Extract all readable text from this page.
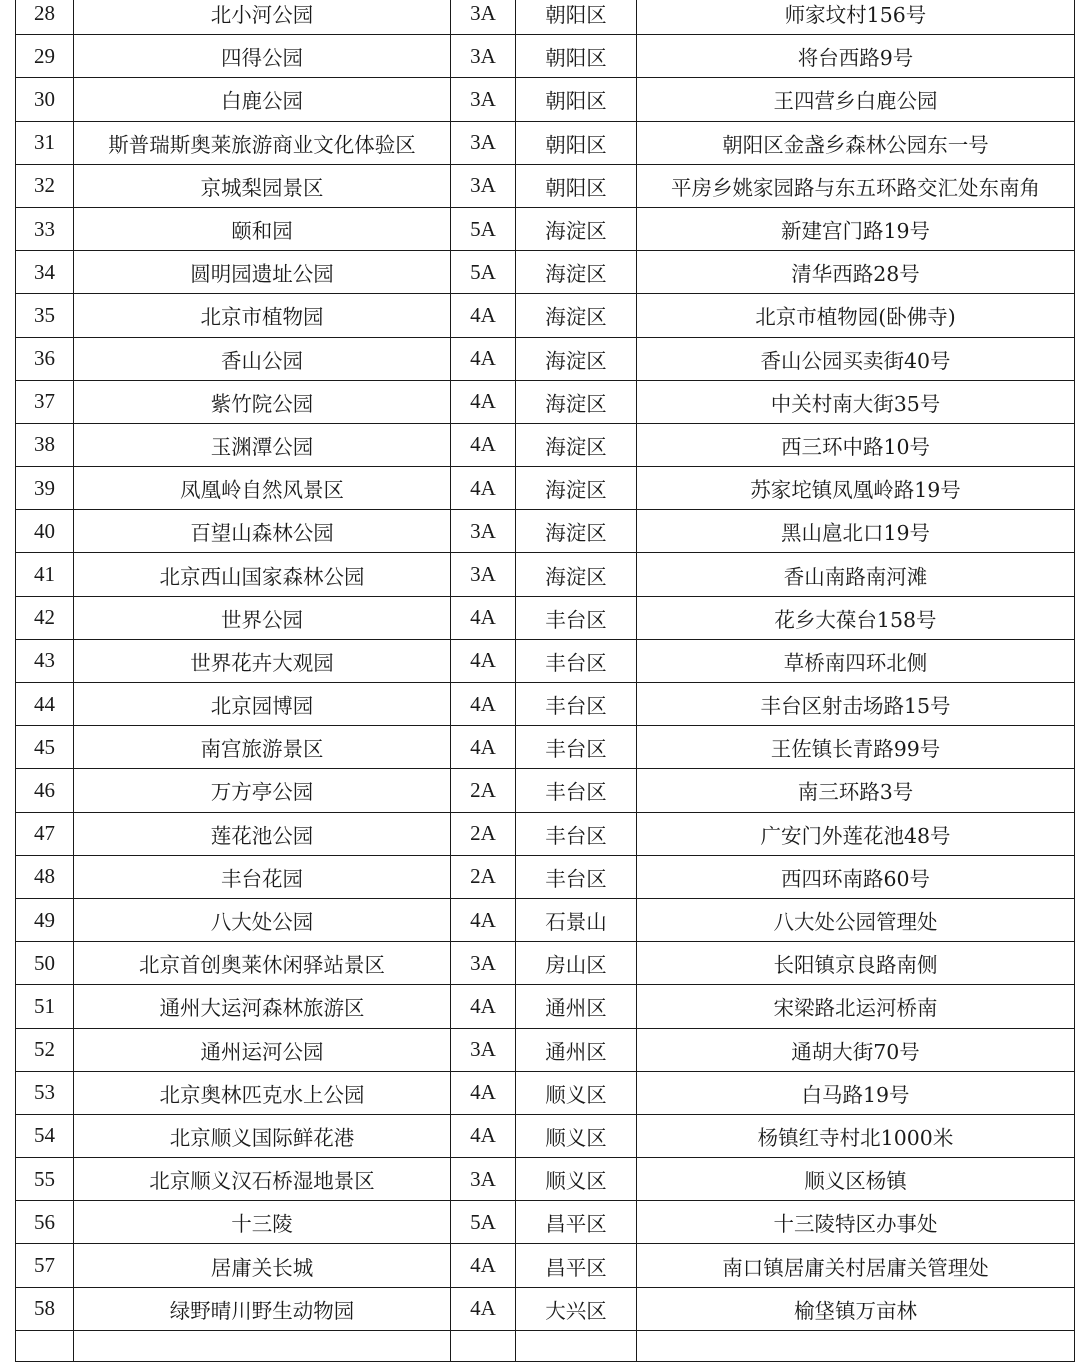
28	北小河公园	3A	朝阳区	师家坟村156号
29	四得公园	3A	朝阳区	将台西路9号
30	白鹿公园	3A	朝阳区	王四营乡白鹿公园
31	斯普瑞斯奥莱旅游商业文化体验区	3A	朝阳区	朝阳区金盏乡森林公园东一号
32	京城梨园景区	3A	朝阳区	平房乡姚家园路与东五环路交汇处东南角
33	颐和园	5A	海淀区	新建宫门路19号
34	圆明园遗址公园	5A	海淀区	清华西路28号
35	北京市植物园	4A	海淀区	北京市植物园(卧佛寺)
36	香山公园	4A	海淀区	香山公园买卖街40号
37	紫竹院公园	4A	海淀区	中关村南大街35号
38	玉渊潭公园	4A	海淀区	西三环中路10号
39	凤凰岭自然风景区	4A	海淀区	苏家坨镇凤凰岭路19号
40	百望山森林公园	3A	海淀区	黑山扈北口19号
41	北京西山国家森林公园	3A	海淀区	香山南路南河滩
42	世界公园	4A	丰台区	花乡大葆台158号
43	世界花卉大观园	4A	丰台区	草桥南四环北侧
44	北京园博园	4A	丰台区	丰台区射击场路15号
45	南宫旅游景区	4A	丰台区	王佐镇长青路99号
46	万方亭公园	2A	丰台区	南三环路3号
47	莲花池公园	2A	丰台区	广安门外莲花池48号
48	丰台花园	2A	丰台区	西四环南路60号
49	八大处公园	4A	石景山	八大处公园管理处
50	北京首创奥莱休闲驿站景区	3A	房山区	长阳镇京良路南侧
51	通州大运河森林旅游区	4A	通州区	宋梁路北运河桥南
52	通州运河公园	3A	通州区	通胡大街70号
53	北京奥林匹克水上公园	4A	顺义区	白马路19号
54	北京顺义国际鲜花港	4A	顺义区	杨镇红寺村北1000米
55	北京顺义汉石桥湿地景区	3A	顺义区	顺义区杨镇
56	十三陵	5A	昌平区	十三陵特区办事处
57	居庸关长城	4A	昌平区	南口镇居庸关村居庸关管理处
58	绿野晴川野生动物园	4A	大兴区	榆垡镇万亩林
